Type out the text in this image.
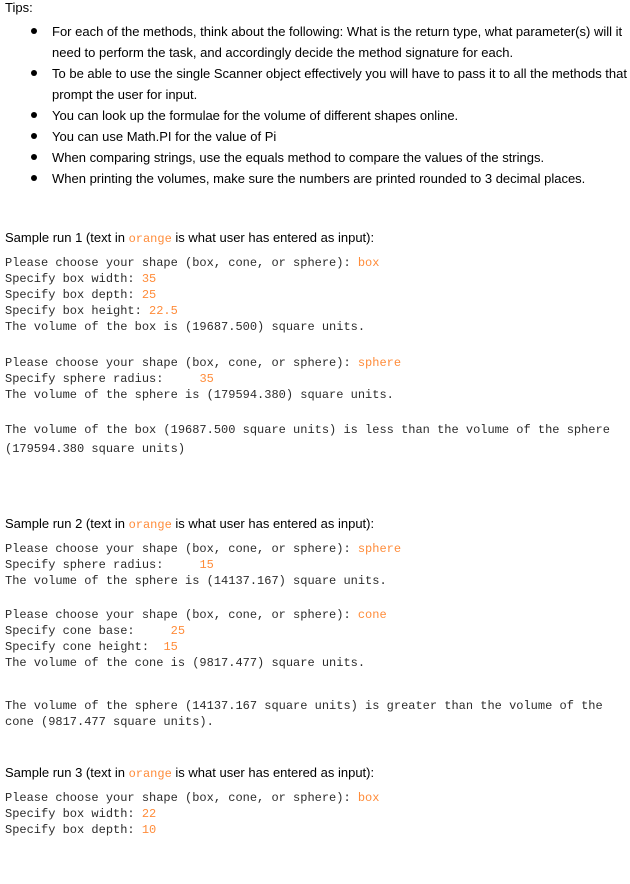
Tips:

For each of the methods, think about the following: What is the return type, what parameter(s) will it need to perform the task, and accordingly decide the method signature for each.
To be able to use the single Scanner object effectively you will have to pass it to all the methods that prompt the user for input.
You can look up the formulae for the volume of different shapes online.
You can use Math.PI for the value of Pi
When comparing strings, use the equals method to compare the values of the strings.
When printing the volumes, make sure the numbers are printed rounded to 3 decimal places.

Sample run 1 (text in orange is what user has entered as input):

Please choose your shape (box, cone, or sphere): box
Specify box width: 35
Specify box depth: 25
Specify box height: 22.5
The volume of the box is (19687.500) square units.
Please choose your shape (box, cone, or sphere): sphere
Specify sphere radius:     35
The volume of the sphere is (179594.380) square units.
The volume of the box (19687.500 square units) is less than the volume of the sphere (179594.380 square units)

Sample run 2 (text in orange is what user has entered as input):

Please choose your shape (box, cone, or sphere): sphere
Specify sphere radius:     15
The volume of the sphere is (14137.167) square units.
Please choose your shape (box, cone, or sphere): cone
Specify cone base:     25
Specify cone height:  15
The volume of the cone is (9817.477) square units.
The volume of the sphere (14137.167 square units) is greater than the volume of the cone (9817.477 square units).

Sample run 3 (text in orange is what user has entered as input):

Please choose your shape (box, cone, or sphere): box
Specify box width: 22
Specify box depth: 10
